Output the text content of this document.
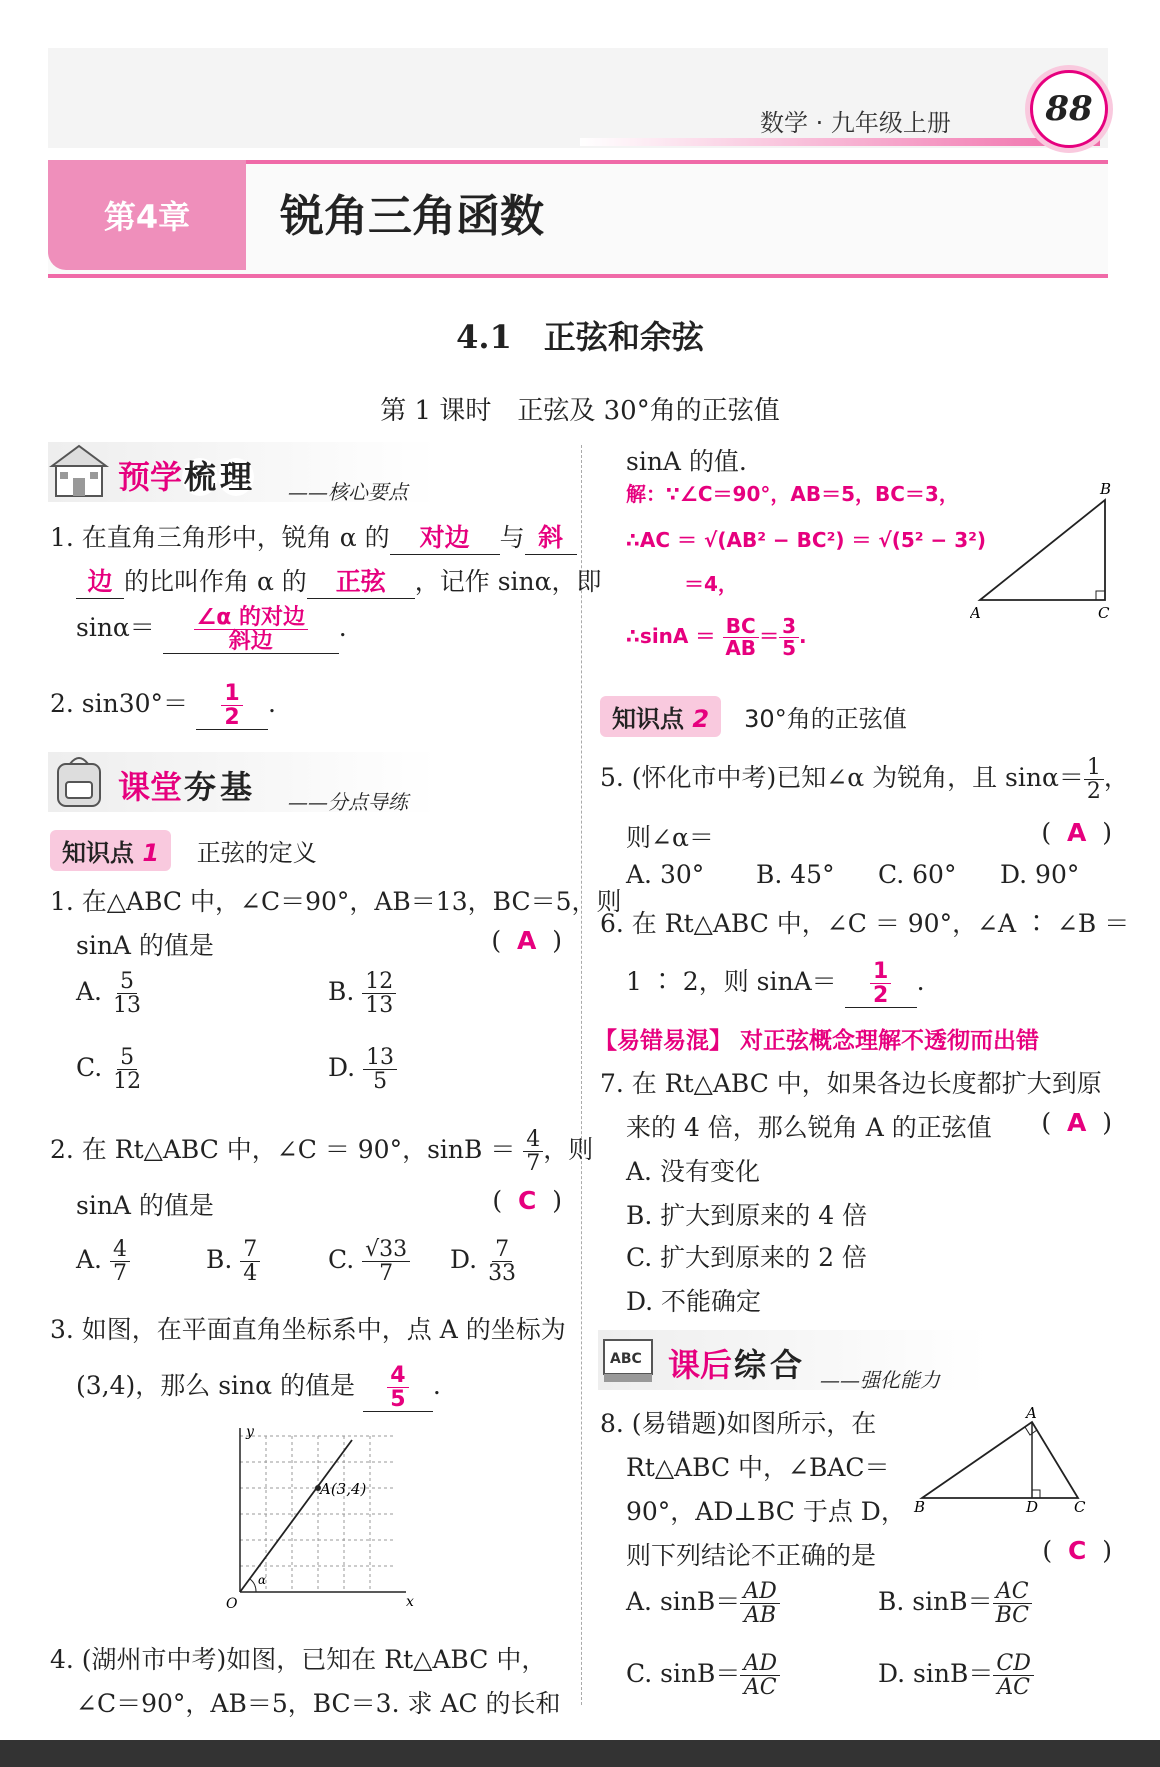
数学 · 九年级上册	88
第4章 锐角三角函数
4.1　正弦和余弦
第 1 课时　正弦及 30°角的正弦值
预学梳 理 ——核心要点
1. 在直角三角形中，锐角 α 的 对边 与 斜
边 的比叫作角 α 的 正弦 ，记作 sinα，即
$\sin\alpha= \frac{\text{∠α 的对边}}{\text{斜边}}$ .
2. $\sin 30^\circ= \frac{1}{2}$ .
课堂夯 基 ——分点导练
知识点 1 正弦的定义
1. 在△ABC 中，∠C＝90°，AB＝13，BC＝5，则
sinA 的值是	(  A  )
A. $\frac{5}{13}$	B. $\frac{12}{13}$
C. $\frac{5}{12}$	D. $\frac{13}{5}$
2. 在 Rt△ABC 中，∠C ＝ 90°，$\sin B = \frac{4}{7}$ ，则
sinA 的值是	(  C  )
A. $\frac{4}{7}$	B. $\frac{7}{4}$	C. $\frac{√33}{7} D$. $\frac{7}{33}$
3. 如图，在平面直角坐标系中，点 A 的坐标为
(3,4)，那么 sinα 的值是 $\frac{4}{5}$ .
A(3,4)
y
x
O
α
4. (湖州市中考)如图，已知在 Rt△ABC 中，
∠C＝90°，AB＝5，BC＝3. 求 AC 的长和
sinA 的值.
解：∵∠C＝90°，AB＝5，BC＝3，
∴AC ＝ √(AB² − BC²) ＝ √(5² − 3²)
＝4，
∴sinA ＝ $\frac{BC}{AB} = \frac{3}{5}$ .
A
B
C
知识点 2 30°角的正弦值
5. (怀化市中考)已知∠α 为锐角，且 $\sin\alpha= \frac{1}{2}$ ，
则∠α＝	(  A  )
A. 30° B. 45° C. 60° D. 90°
6. 在 Rt△ABC 中，∠C ＝ 90°，∠A ∶ ∠B ＝
1 ∶ 2，则 $\sin A= \frac{1}{2}$ .
【易错易混】 对正弦概念理解不透彻而出错
7. 在 Rt△ABC 中，如果各边长度都扩大到原
来的 4 倍，那么锐角 A 的正弦值 (  A  )
A. 没有变化
B. 扩大到原来的 4 倍
C. 扩大到原来的 2 倍
D. 不能确定
ABC 课后综 合 ——强化能力
8. (易错题)如图所示，在
Rt△ABC 中，∠BAC＝
90°，AD⊥BC 于点 D，
则下列结论不正确的是	(  C  )
A
B	C
D
A. $\sin B= \frac{AD}{AB}$	B. $\sin B= \frac{AC}{BC}$
C. $\sin B= \frac{AD}{AC}$	D. $\sin B= \frac{CD}{AC}$
